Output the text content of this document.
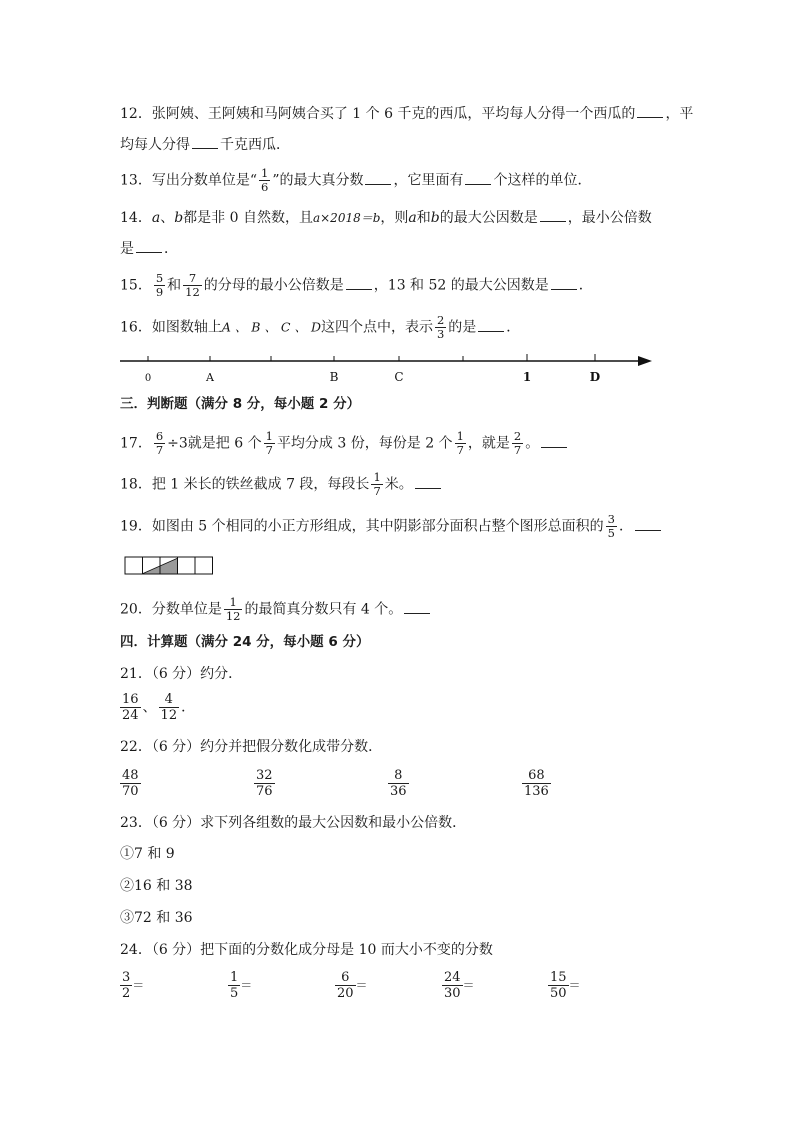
12．张阿姨、王阿姨和马阿姨合买了 1 个 6 千克的西瓜，平均每人分得一个西瓜的 ，平
均每人分得 千克西瓜．
13．写出分数单位是“ $\frac{1}{6}$ ”的最大真分数 ，它里面有 个这样的单位．
14．a、b都是非 0 自然数，且a×2018＝b，则a和b的最大公因数是 ，最小公倍数
是 ．
15． $\frac{5}{9}$ 和 $\frac{7}{12}$ 的分母的最小公倍数是 ，13 和 52 的最大公因数是 ．
16．如图数轴上A 、 B 、 C 、 D这四个点中，表示 $\frac{2}{3}$ 的是 ．
0	A	B	C	1	D
三．判断题（满分 8 分，每小题 2 分）
17． $\frac{6}{7} \div 3$就是把 6 个 $\frac{1}{7}$ 平均分成 3 份，每份是 2 个 $\frac{1}{7}$ ，就是 $\frac{2}{7}$ 。
18．把 1 米长的铁丝截成 7 段，每段长 $\frac{1}{7}$ 米。
19．如图由 5 个相同的小正方形组成，其中阴影部分面积占整个图形总面积的 $\frac{3}{5}$ ．
20．分数单位是 $\frac{1}{12}$ 的最简真分数只有 4 个。
四．计算题（满分 24 分，每小题 6 分）
21．（6 分）约分．
$\frac{16}{24}$ 、 $\frac{4}{12}$ ．
22．（6 分）约分并把假分数化成带分数．
$\frac{48}{70}$	$\frac{32}{76}$	$\frac{8}{36}$	$\frac{68}{136}$
23．（6 分）求下列各组数的最大公因数和最小公倍数．
①7 和 9
②16 和 38
③72 和 36
24．（6 分）把下面的分数化成分母是 10 而大小不变的分数
$\frac{3}{2}$ ＝	$\frac{1}{5}$ ＝	$\frac{6}{20}$ ＝	$\frac{24}{30}$ ＝	$\frac{15}{50}$ ＝
